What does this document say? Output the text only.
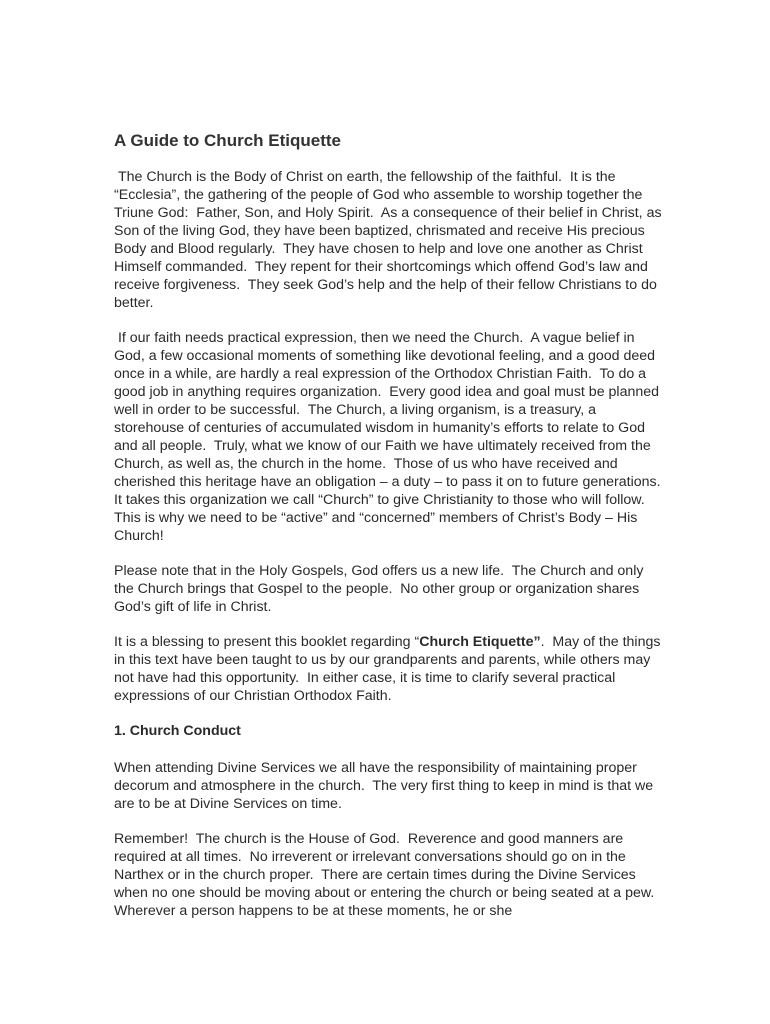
A Guide to Church Etiquette

The Church is the Body of Christ on earth, the fellowship of the faithful.  It is the “Ecclesia”, the gathering of the people of God who assemble to worship together the Triune God:  Father, Son, and Holy Spirit.  As a consequence of their belief in Christ, as Son of the living God, they have been baptized, chrismated and receive His precious Body and Blood regularly.  They have chosen to help and love one another as Christ Himself commanded.  They repent for their shortcomings which offend God’s law and receive forgiveness.  They seek God’s help and the help of their fellow Christians to do better.

If our faith needs practical expression, then we need the Church.  A vague belief in God, a few occasional moments of something like devotional feeling, and a good deed once in a while, are hardly a real expression of the Orthodox Christian Faith.  To do a good job in anything requires organization.  Every good idea and goal must be planned well in order to be successful.  The Church, a living organism, is a treasury, a storehouse of centuries of accumulated wisdom in humanity’s efforts to relate to God and all people.  Truly, what we know of our Faith we have ultimately received from the Church, as well as, the church in the home.  Those of us who have received and cherished this heritage have an obligation – a duty – to pass it on to future generations.  It takes this organization we call “Church” to give Christianity to those who will follow.  This is why we need to be “active” and “concerned” members of Christ’s Body – His Church!

Please note that in the Holy Gospels, God offers us a new life.  The Church and only the Church brings that Gospel to the people.  No other group or organization shares God’s gift of life in Christ.

It is a blessing to present this booklet regarding “Church Etiquette”.  May of the things in this text have been taught to us by our grandparents and parents, while others may not have had this opportunity.  In either case, it is time to clarify several practical expressions of our Christian Orthodox Faith.

1. Church Conduct

When attending Divine Services we all have the responsibility of maintaining proper decorum and atmosphere in the church.  The very first thing to keep in mind is that we are to be at Divine Services on time.

Remember!  The church is the House of God.  Reverence and good manners are required at all times.  No irreverent or irrelevant conversations should go on in the Narthex or in the church proper.  There are certain times during the Divine Services when no one should be moving about or entering the church or being seated at a pew.  Wherever a person happens to be at these moments, he or she
